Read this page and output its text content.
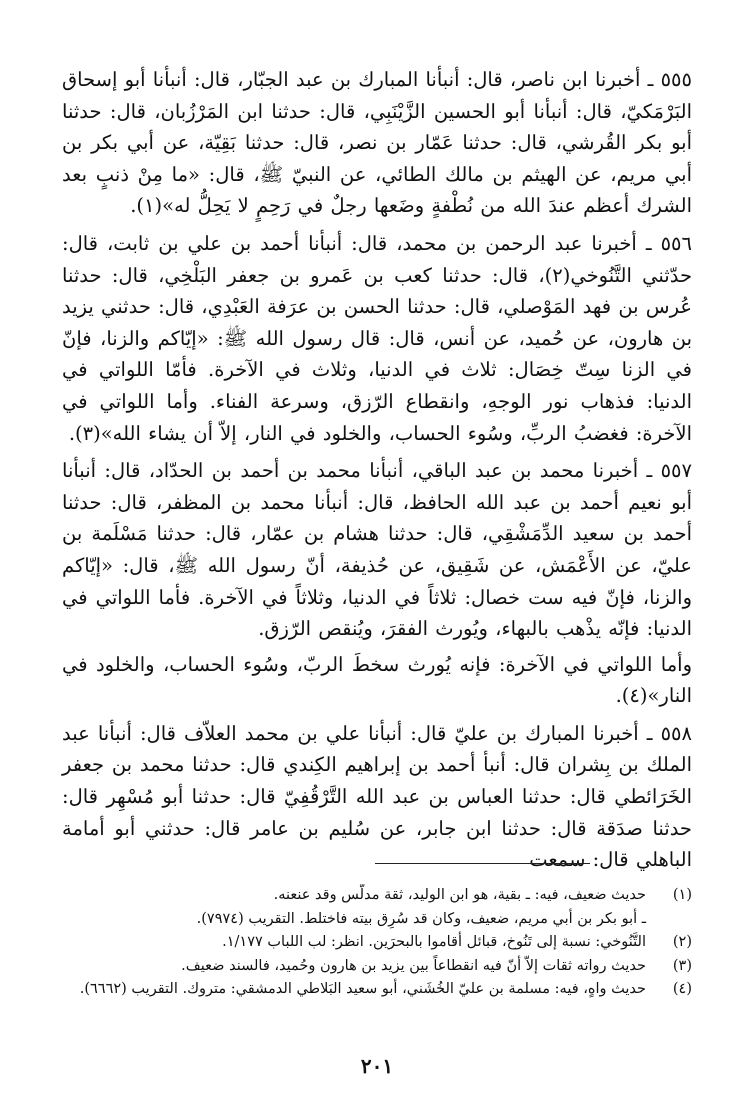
٥٥٥ ـ أخبرنا ابن ناصر، قال: أنبأنا المبارك بن عبد الجبّار، قال: أنبأنا أبو إسحاق البَرْمَكيّ، قال: أنبأنا أبو الحسين الزَّيْنَبِي، قال: حدثنا ابن المَرْزُبان، قال: حدثنا أبو بكر القُرشي، قال: حدثنا عَمّار بن نصر، قال: حدثنا بَقِيّة، عن أبي بكر بن أبي مريم، عن الهيثم بن مالك الطائي، عن النبيّ ﷺ، قال: «ما مِنْ ذنبٍ بعد الشرك أعظم عندَ الله من نُطْفةٍ وضَعها رجلٌ في رَحِمٍ لا يَحِلُّ له»(١).

٥٥٦ ـ أخبرنا عبد الرحمن بن محمد، قال: أنبأنا أحمد بن علي بن ثابت، قال: حدّثني التَّنُوخي(٢)، قال: حدثنا كعب بن عَمرو بن جعفر البَلْخِي، قال: حدثنا عُرس بن فهد المَوْصلي، قال: حدثنا الحسن بن عرَفة العَبْدِي، قال: حدثني يزيد بن هارون، عن حُميد، عن أنس، قال: قال رسول الله ﷺ: «إيّاكم والزنا، فإنّ في الزنا سِتّ خِصَال: ثلاث في الدنيا، وثلاث في الآخرة. فأمّا اللواتي في الدنيا: فذهاب نور الوجهِ، وانقطاع الرّزق، وسرعة الفناء. وأما اللواتي في الآخرة: فغضبُ الربِّ، وسُوء الحساب، والخلود في النار، إلاّ أن يشاء الله»(٣).

٥٥٧ ـ أخبرنا محمد بن عبد الباقي، أنبأنا محمد بن أحمد بن الحدّاد، قال: أنبأنا أبو نعيم أحمد بن عبد الله الحافظ، قال: أنبأنا محمد بن المظفر، قال: حدثنا أحمد بن سعيد الدِّمَشْقِي، قال: حدثنا هشام بن عمّار، قال: حدثنا مَسْلَمة بن عليّ، عن الأَعْمَش، عن شَقِيق، عن حُذيفة، أنّ رسول الله ﷺ، قال: «إيّاكم والزنا، فإنّ فيه ست خصال: ثلاثاً في الدنيا، وثلاثاً في الآخرة. فأما اللواتي في الدنيا: فإنّه يذْهب بالبهاء، ويُورث الفقرَ، ويُنقص الرّزق.

وأما اللواتي في الآخرة: فإنه يُورث سخطَ الربّ، وسُوء الحساب، والخلود في النار»(٤).

٥٥٨ ـ أخبرنا المبارك بن عليّ قال: أنبأنا علي بن محمد العلاّف قال: أنبأنا عبد الملك بن بِشران قال: أنبأ أحمد بن إبراهيم الكِندي قال: حدثنا محمد بن جعفر الخَرَائطي قال: حدثنا العباس بن عبد الله التَّرْقُفِيّ قال: حدثنا أبو مُسْهِر قال: حدثنا صدَقة قال: حدثنا ابن جابر، عن سُليم بن عامر قال: حدثني أبو أمامة الباهلي قال: سمعت

(١)
حديث ضعيف، فيه: ـ بقية، هو ابن الوليد، ثقة مدلّس وقد عنعنه.
ـ أبو بكر بن أبي مريم، ضعيف، وكان قد سُرِق بيته فاختلط. التقريب (٧٩٧٤).
(٢)
التَّنُوخي: نسبة إلى تَنُوخ، قبائل أقاموا بالبحرَين. انظر: لب اللباب ١/١٧٧.
(٣)
حديث رواته ثقات إلاّ أنّ فيه انقطاعاً بين يزيد بن هارون وحُميد، فالسند ضعيف.
(٤)
حديث واهٍ، فيه: مسلمة بن عليّ الخُشَني، أبو سعيد البَلاطي الدمشقي: متروك. التقريب (٦٦٦٢).
٢٠١
